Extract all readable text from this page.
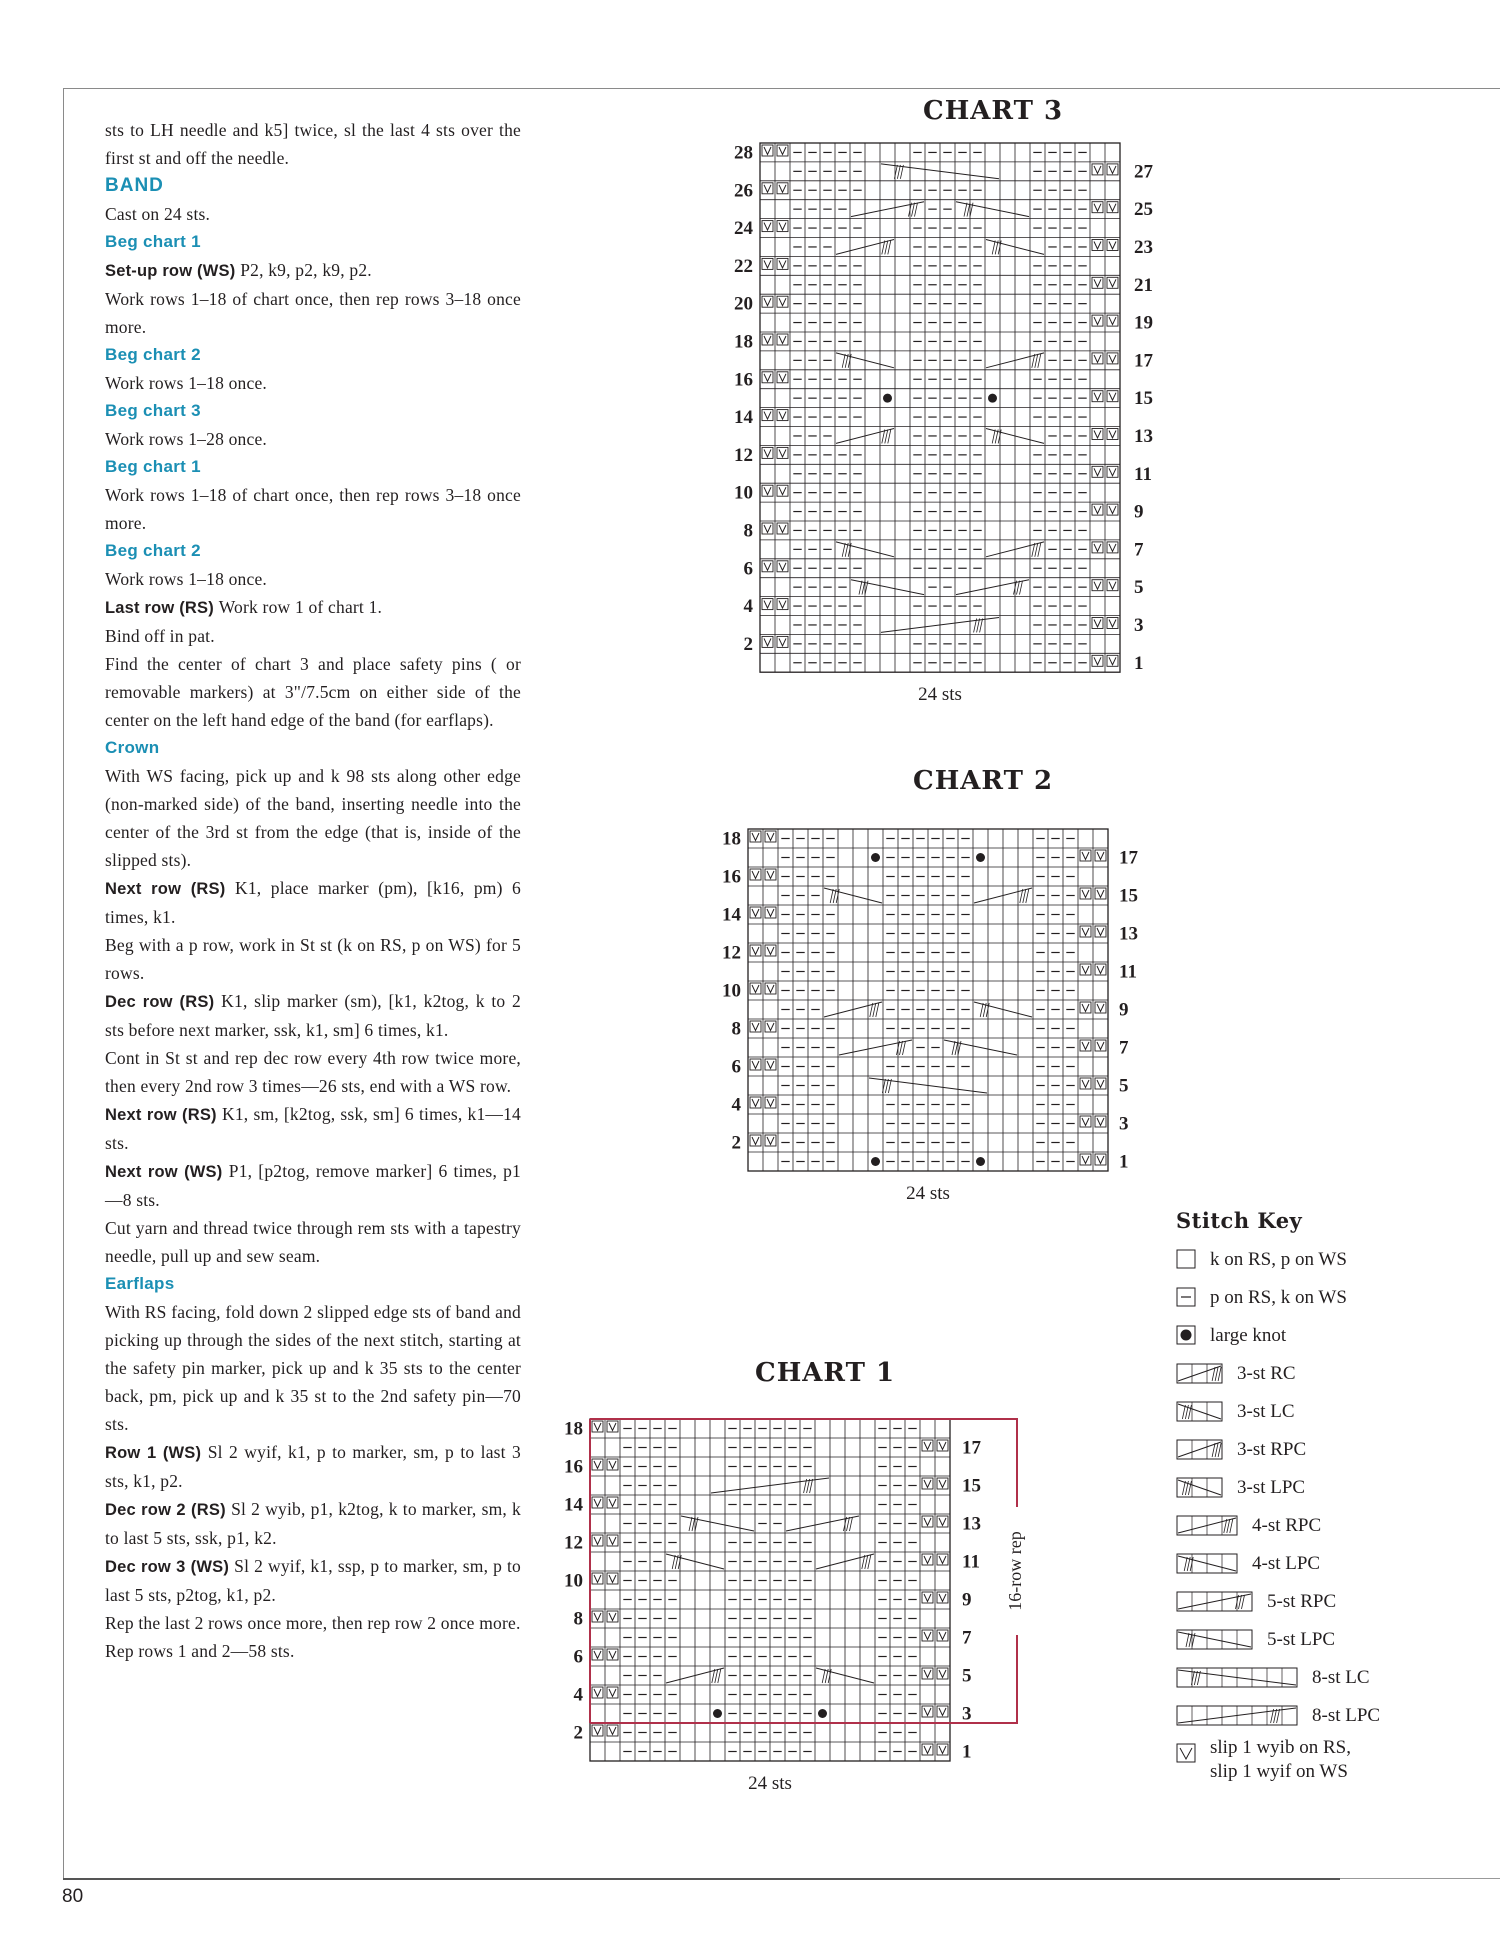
80

sts to LH needle and k5] twice, sl the last 4 sts over the first st and off the needle.

BAND

Cast on 24 sts.

Beg chart 1

Set-up row (WS) P2, k9, p2, k9, p2.

Work rows 1–18 of chart once, then rep rows 3–18 once more.

Beg chart 2

Work rows 1–18 once.

Beg chart 3

Work rows 1–28 once.

Beg chart 1

Work rows 1–18 of chart once, then rep rows 3–18 once more.

Beg chart 2

Work rows 1–18 once.

Last row (RS) Work row 1 of chart 1.

Bind off in pat.

Find the center of chart 3 and place safety pins ( or removable markers) at 3"/7.5cm on either side of the center on the left hand edge of the band (for earflaps).

Crown

With WS facing, pick up and k 98 sts along other edge (non-marked side) of the band, inserting needle into the center of the 3rd st from the edge (that is, inside of the slipped sts).

Next row (RS) K1, place marker (pm), [k16, pm) 6 times, k1.

Beg with a p row, work in St st (k on RS, p on WS) for 5 rows.

Dec row (RS) K1, slip marker (sm), [k1, k2tog, k to 2 sts before next marker, ssk, k1, sm] 6 times, k1.

Cont in St st and rep dec row every 4th row twice more, then every 2nd row 3 times—26 sts, end with a WS row.

Next row (RS) K1, sm, [k2tog, ssk, sm] 6 times, k1—14 sts.

Next row (WS) P1, [p2tog, remove marker] 6 times, p1—8 sts.

Cut yarn and thread twice through rem sts with a tapestry needle, pull up and sew seam.

Earflaps

With RS facing, fold down 2 slipped edge sts of band and picking up through the sides of the next stitch, starting at the safety pin marker, pick up and k 35 sts to the center back, pm, pick up and k 35 st to the 2nd safety pin—70 sts.

Row 1 (WS) Sl 2 wyif, k1, p to marker, sm, p to last 3 sts, k1, p2.

Dec row 2 (RS) Sl 2 wyib, p1, k2tog, k to marker, sm, k to last 5 sts, ssk, p1, k2.

Dec row 3 (WS) Sl 2 wyif, k1, ssp, p to marker, sm, p to last 5 sts, p2tog, k1, p2.

Rep the last 2 rows once more, then rep row 2 once more.

Rep rows 1 and 2—58 sts.

CHART 3
28
26
24
22
20
18
16
14
12
10
8
6
4
2
27
25
23
21
19
17
15
13
11
9
7
5
3
1
24 sts
CHART 2
18
16
14
12
10
8
6
4
2
17
15
13
11
9
7
5
3
1
24 sts
CHART 1
18
16
14
12
10
8
6
4
2
17
15
13
11
9
7
5
3
1
24 sts
16-row rep
Stitch Key
k on RS, p on WS
p on RS, k on WS
large knot
3-st RC
3-st LC
3-st RPC
3-st LPC
4-st RPC
4-st LPC
5-st RPC
5-st LPC
8-st LC
8-st LPC
slip 1 wyib on RS,
slip 1 wyif on WS
